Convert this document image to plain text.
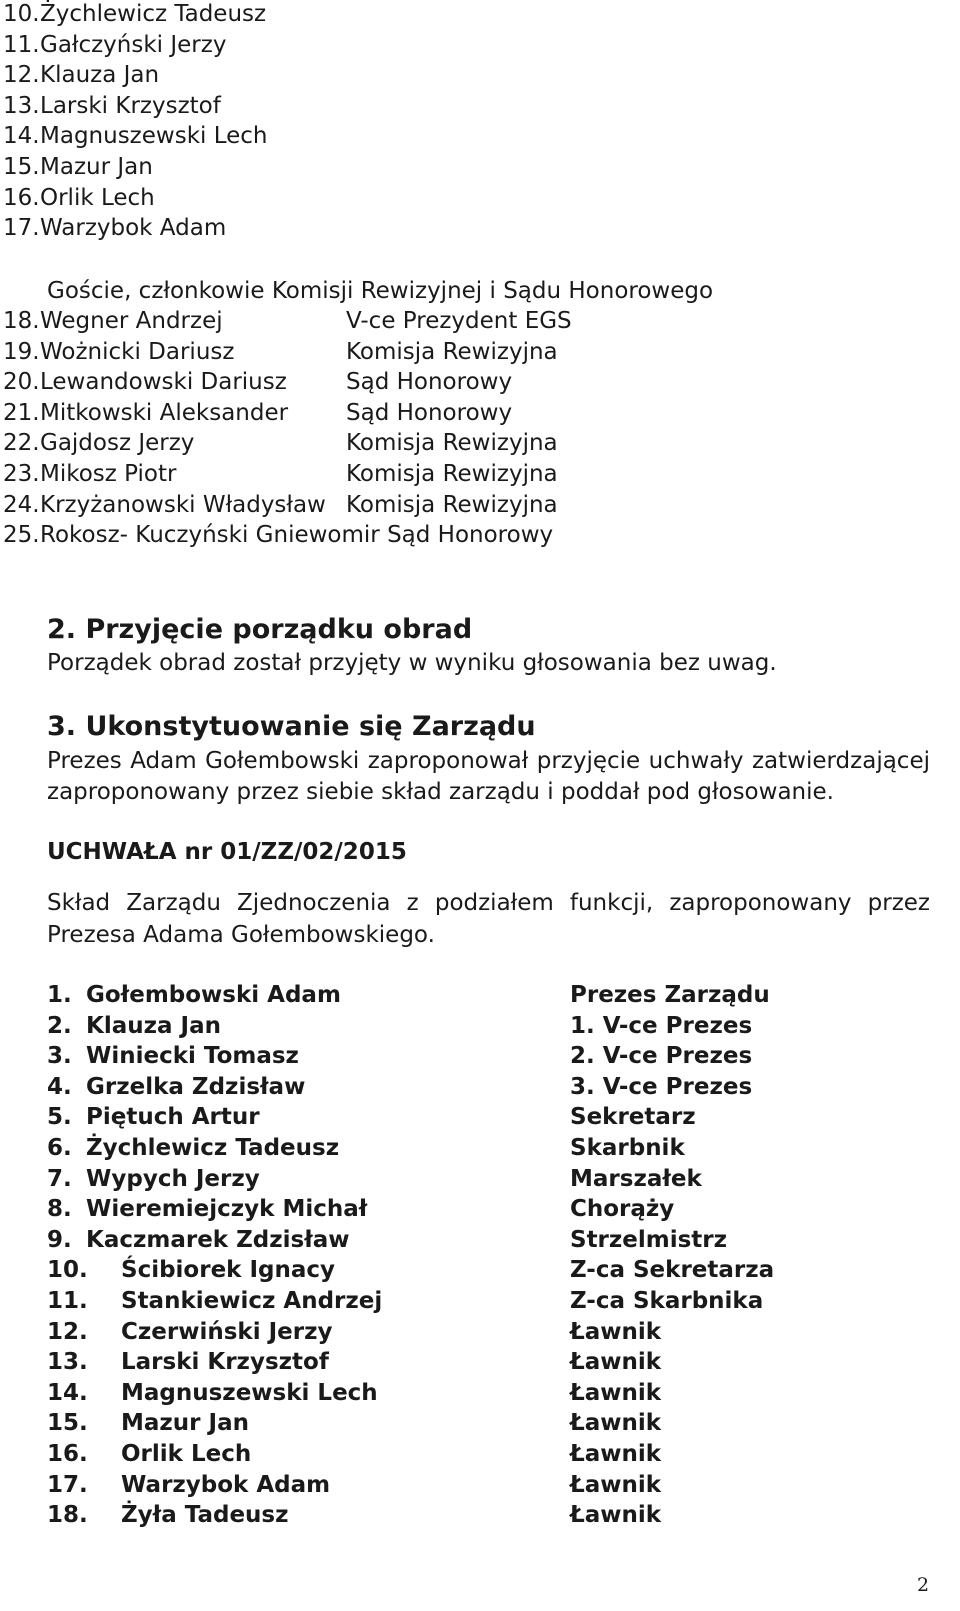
10. Żychlewicz Tadeusz
11. Gałczyński Jerzy
12. Klauza Jan
13. Larski Krzysztof
14. Magnuszewski Lech
15. Mazur Jan
16. Orlik Lech
17. Warzybok Adam
Goście, członkowie Komisji Rewizyjnej i Sądu Honorowego
18. Wegner Andrzej	V-ce Prezydent EGS
19. Wożnicki Dariusz	Komisja Rewizyjna
20. Lewandowski Dariusz	Sąd Honorowy
21. Mitkowski Aleksander	Sąd Honorowy
22. Gajdosz Jerzy	Komisja Rewizyjna
23. Mikosz Piotr	Komisja Rewizyjna
24. Krzyżanowski Władysław Komisja Rewizyjna
25. Rokosz- Kuczyński Gniewomir Sąd Honorowy
2. Przyjęcie porządku obrad
Porządek obrad został przyjęty w wyniku głosowania bez uwag.
3. Ukonstytuowanie się Zarządu
Prezes Adam Gołembowski zaproponował przyjęcie uchwały zatwierdzającej
zaproponowany przez siebie skład zarządu i poddał pod głosowanie.
UCHWAŁA nr 01/ZZ/02/2015
Skład Zarządu Zjednoczenia z podziałem funkcji, zaproponowany przez
Prezesa Adama Gołembowskiego.
1. Gołembowski Adam	Prezes Zarządu
2. Klauza Jan	1. V-ce Prezes
3. Winiecki Tomasz	2. V-ce Prezes
4. Grzelka Zdzisław	3. V-ce Prezes
5. Piętuch Artur	Sekretarz
6. Żychlewicz Tadeusz	Skarbnik
7. Wypych Jerzy	Marszałek
8. Wieremiejczyk Michał	Chorąży
9. Kaczmarek Zdzisław	Strzelmistrz
10. Ścibiorek Ignacy	Z-ca Sekretarza
11. Stankiewicz Andrzej	Z-ca Skarbnika
12. Czerwiński Jerzy	Ławnik
13. Larski Krzysztof	Ławnik
14. Magnuszewski Lech	Ławnik
15. Mazur Jan	Ławnik
16. Orlik Lech	Ławnik
17. Warzybok Adam	Ławnik
18. Żyła Tadeusz	Ławnik
2
